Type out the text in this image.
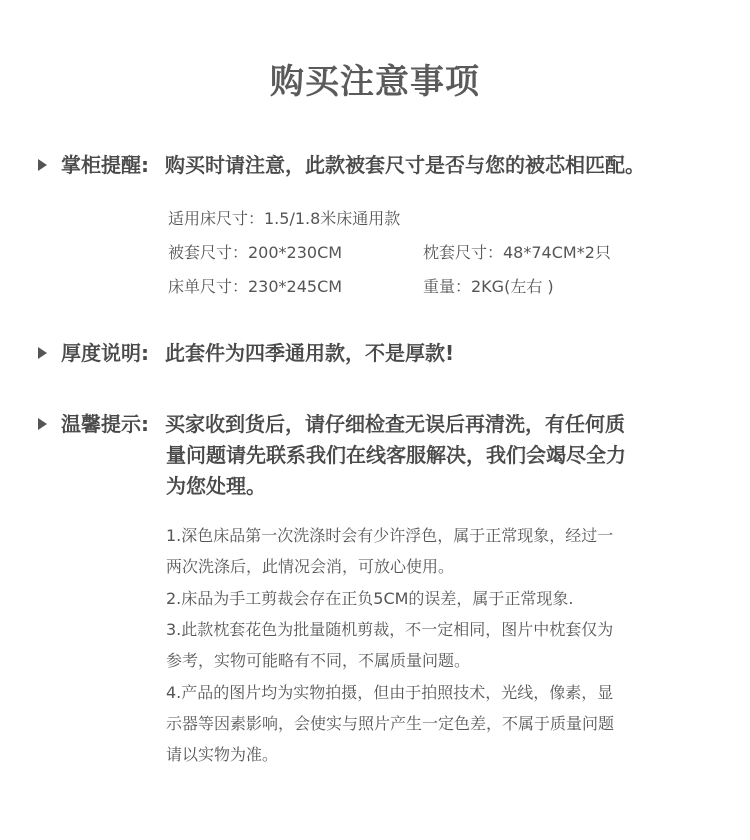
购买注意事项
掌柜提醒: 购买时请注意，此款被套尺寸是否与您的被芯相匹配。
适用床尺寸：1.5/1.8米床通用款
被套尺寸：200*230CM	枕套尺寸：48*74CM*2只
床单尺寸：230*245CM	重量：2KG(左右 )
厚度说明: 此套件为四季通用款，不是厚款!
温馨提示: 买家收到货后，请仔细检查无误后再清洗，有任何质
量问题请先联系我们在线客服解决，我们会竭尽全力
为您处理。
1.深色床品第一次洗涤时会有少许浮色，属于正常现象，经过一
两次洗涤后，此情况会消，可放心使用。
2.床品为手工剪裁会存在正负5CM的误差，属于正常现象.
3.此款枕套花色为批量随机剪裁，不一定相同，图片中枕套仅为
参考，实物可能略有不同，不属质量问题。
4.产品的图片均为实物拍摄，但由于拍照技术，光线，像素，显
示器等因素影响，会使实与照片产生一定色差，不属于质量问题
请以实物为准。
